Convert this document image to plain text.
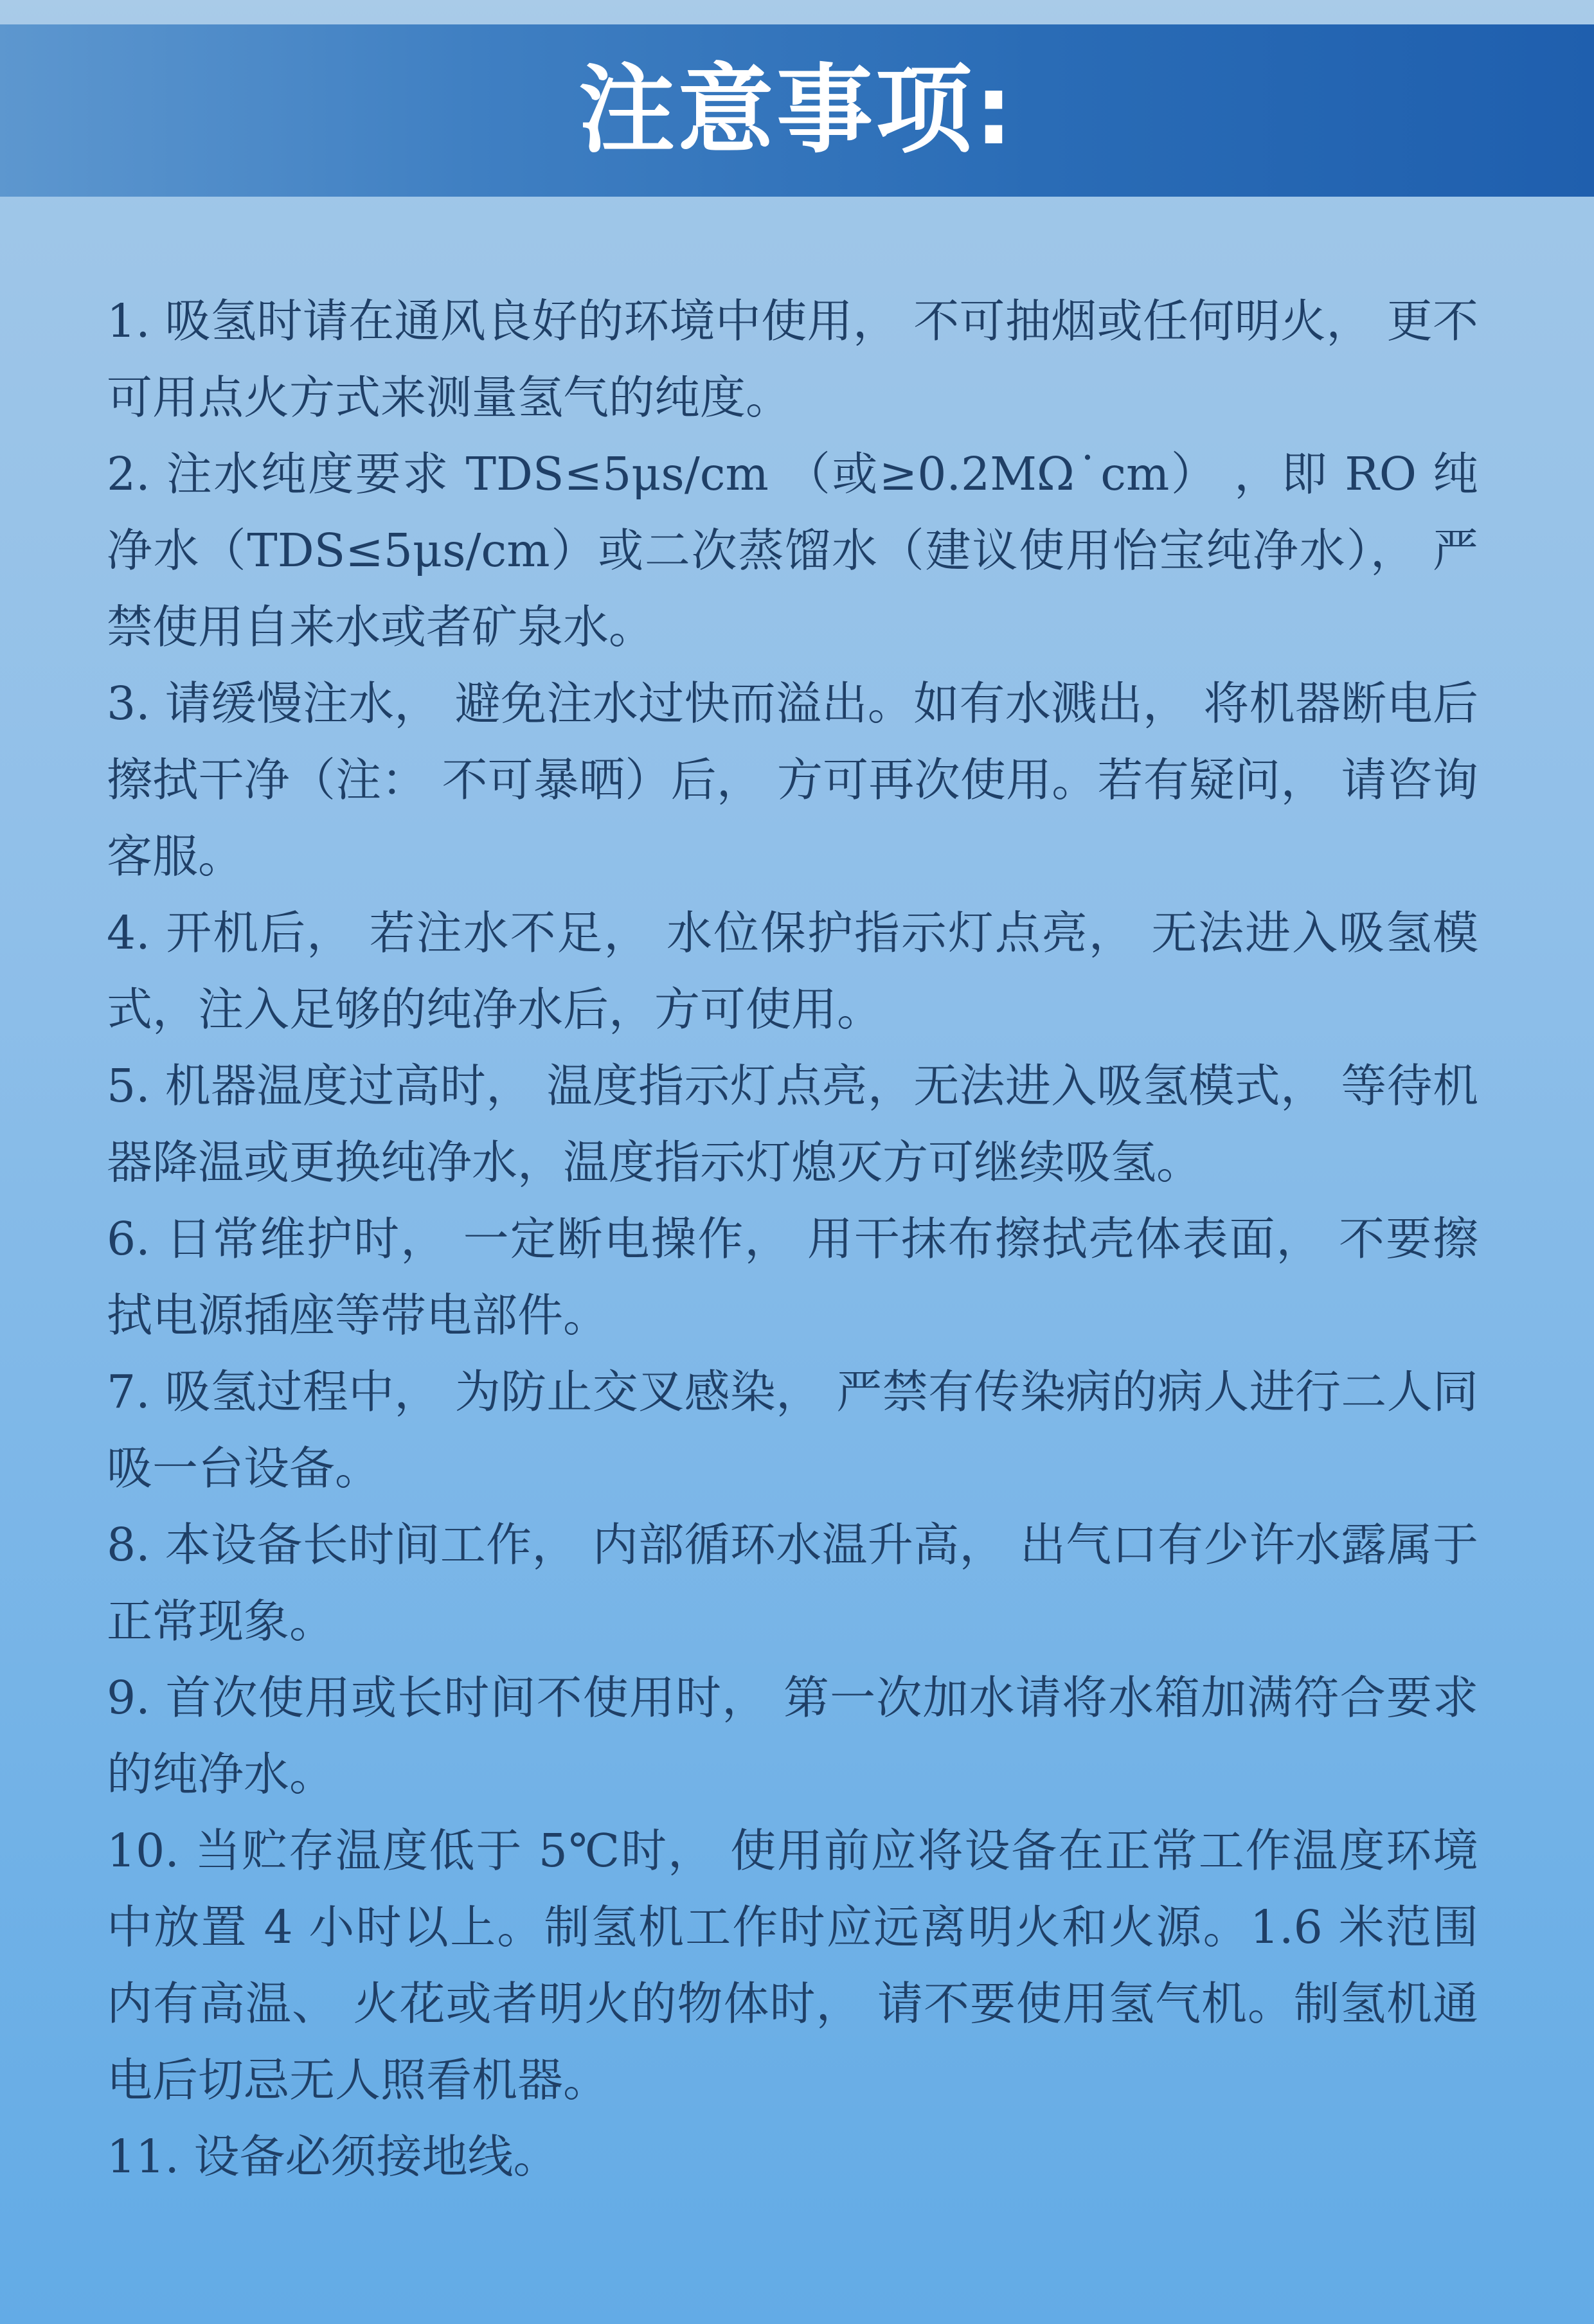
注意事项:

1. 吸氢时请在通风良好的环境中使用， 不可抽烟或任何明火， 更不可用点火方式来测量氢气的纯度。

2. 注水纯度要求 TDS≤5μs/cm （或≥0.2MΩ˙cm） ，即 RO 纯净水（TDS≤5μs/cm）或二次蒸馏水（建议使用怡宝纯净水）， 严禁使用自来水或者矿泉水。

3. 请缓慢注水， 避免注水过快而溢出。如有水溅出， 将机器断电后擦拭干净（注： 不可暴晒）后， 方可再次使用。若有疑问， 请咨询客服。

4. 开机后， 若注水不足， 水位保护指示灯点亮， 无法进入吸氢模式，注入足够的纯净水后，方可使用。

5. 机器温度过高时， 温度指示灯点亮，无法进入吸氢模式， 等待机器降温或更换纯净水，温度指示灯熄灭方可继续吸氢。

6. 日常维护时， 一定断电操作， 用干抹布擦拭壳体表面， 不要擦拭电源插座等带电部件。

7. 吸氢过程中， 为防止交叉感染， 严禁有传染病的病人进行二人同吸一台设备。

8. 本设备长时间工作， 内部循环水温升高， 出气口有少许水露属于正常现象。

9. 首次使用或长时间不使用时， 第一次加水请将水箱加满符合要求的纯净水。

10. 当贮存温度低于 5℃时， 使用前应将设备在正常工作温度环境中放置 4 小时以上。制氢机工作时应远离明火和火源。1.6 米范围内有高温、 火花或者明火的物体时， 请不要使用氢气机。制氢机通电后切忌无人照看机器。

11. 设备必须接地线。
